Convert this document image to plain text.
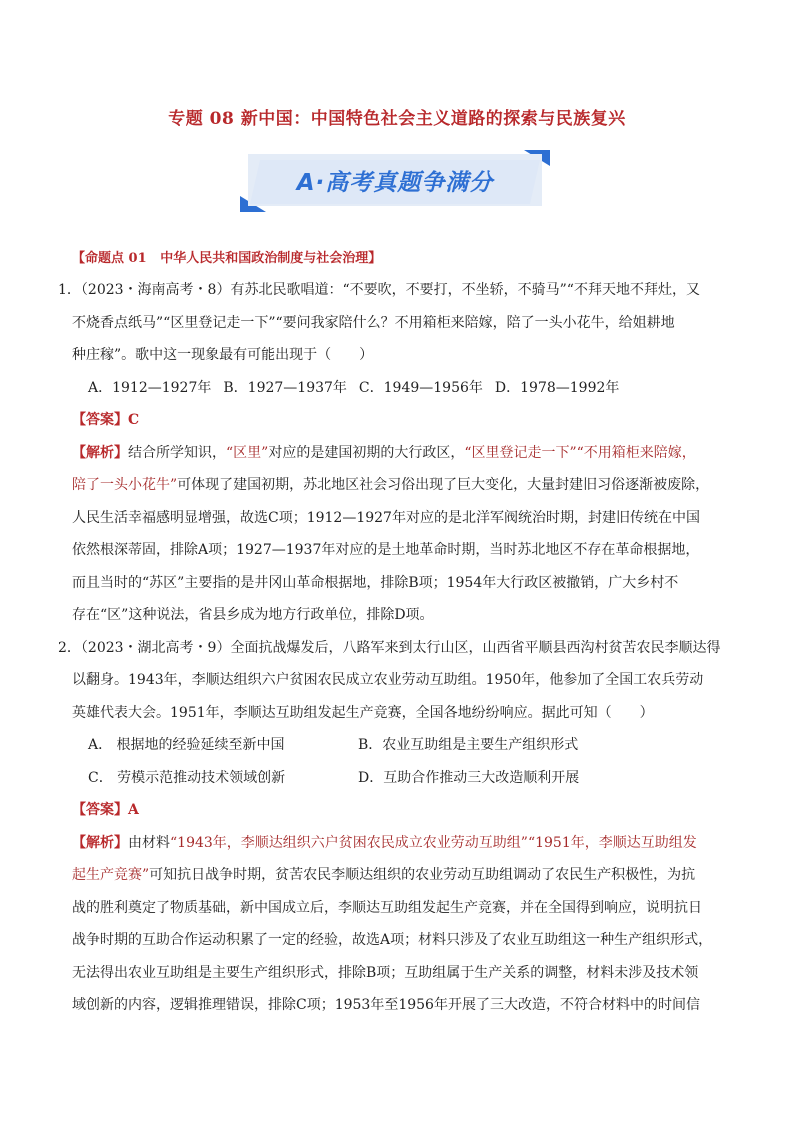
专题 08 新中国：中国特色社会主义道路的探索与民族复兴
A·高考真题争满分
【命题点 01 中华人民共和国政治制度与社会治理】

1．（2023・海南高考・8）有苏北民歌唱道：“不要吹，不要打，不坐轿，不骑马”“不拜天地不拜灶，又

不烧香点纸马”“区里登记走一下”“要问我家陪什么？不用箱柜来陪嫁，陪了一头小花牛，给姐耕地

种庄稼”。歌中这一现象最有可能出现于（　　）

A．1912—1927年 B．1927—1937年 C．1949—1956年 D．1978—1992年

【答案】C

【解析】结合所学知识，“区里”对应的是建国初期的大行政区，“区里登记走一下”“不用箱柜来陪嫁，
陪了一头小花牛”可体现了建国初期，苏北地区社会习俗出现了巨大变化，大量封建旧习俗逐渐被废除，
人民生活幸福感明显增强，故选C项；1912—1927年对应的是北洋军阀统治时期，封建旧传统在中国
依然根深蒂固，排除A项；1927—1937年对应的是土地革命时期，当时苏北地区不存在革命根据地，
而且当时的“苏区”主要指的是井冈山革命根据地，排除B项；1954年大行政区被撤销，广大乡村不
存在“区”这种说法，省县乡成为地方行政单位，排除D项。

2．（2023・湖北高考・9）全面抗战爆发后，八路军来到太行山区，山西省平顺县西沟村贫苦农民李顺达得

以翻身。1943年，李顺达组织六户贫困农民成立农业劳动互助组。1950年，他参加了全国工农兵劳动

英雄代表大会。1951年，李顺达互助组发起生产竞赛，全国各地纷纷响应。据此可知（　　）

A． 根据地的经验延续至新中国	B．农业互助组是主要生产组织形式
C． 劳模示范推动技术领域创新	D．互助合作推动三大改造顺利开展

【答案】A

【解析】由材料“1943年，李顺达组织六户贫困农民成立农业劳动互助组”“1951年，李顺达互助组发
起生产竞赛”可知抗日战争时期，贫苦农民李顺达组织的农业劳动互助组调动了农民生产积极性，为抗
战的胜利奠定了物质基础，新中国成立后，李顺达互助组发起生产竞赛，并在全国得到响应，说明抗日
战争时期的互助合作运动积累了一定的经验，故选A项；材料只涉及了农业互助组这一种生产组织形式，
无法得出农业互助组是主要生产组织形式，排除B项；互助组属于生产关系的调整，材料未涉及技术领
域创新的内容，逻辑推理错误，排除C项；1953年至1956年开展了三大改造，不符合材料中的时间信
